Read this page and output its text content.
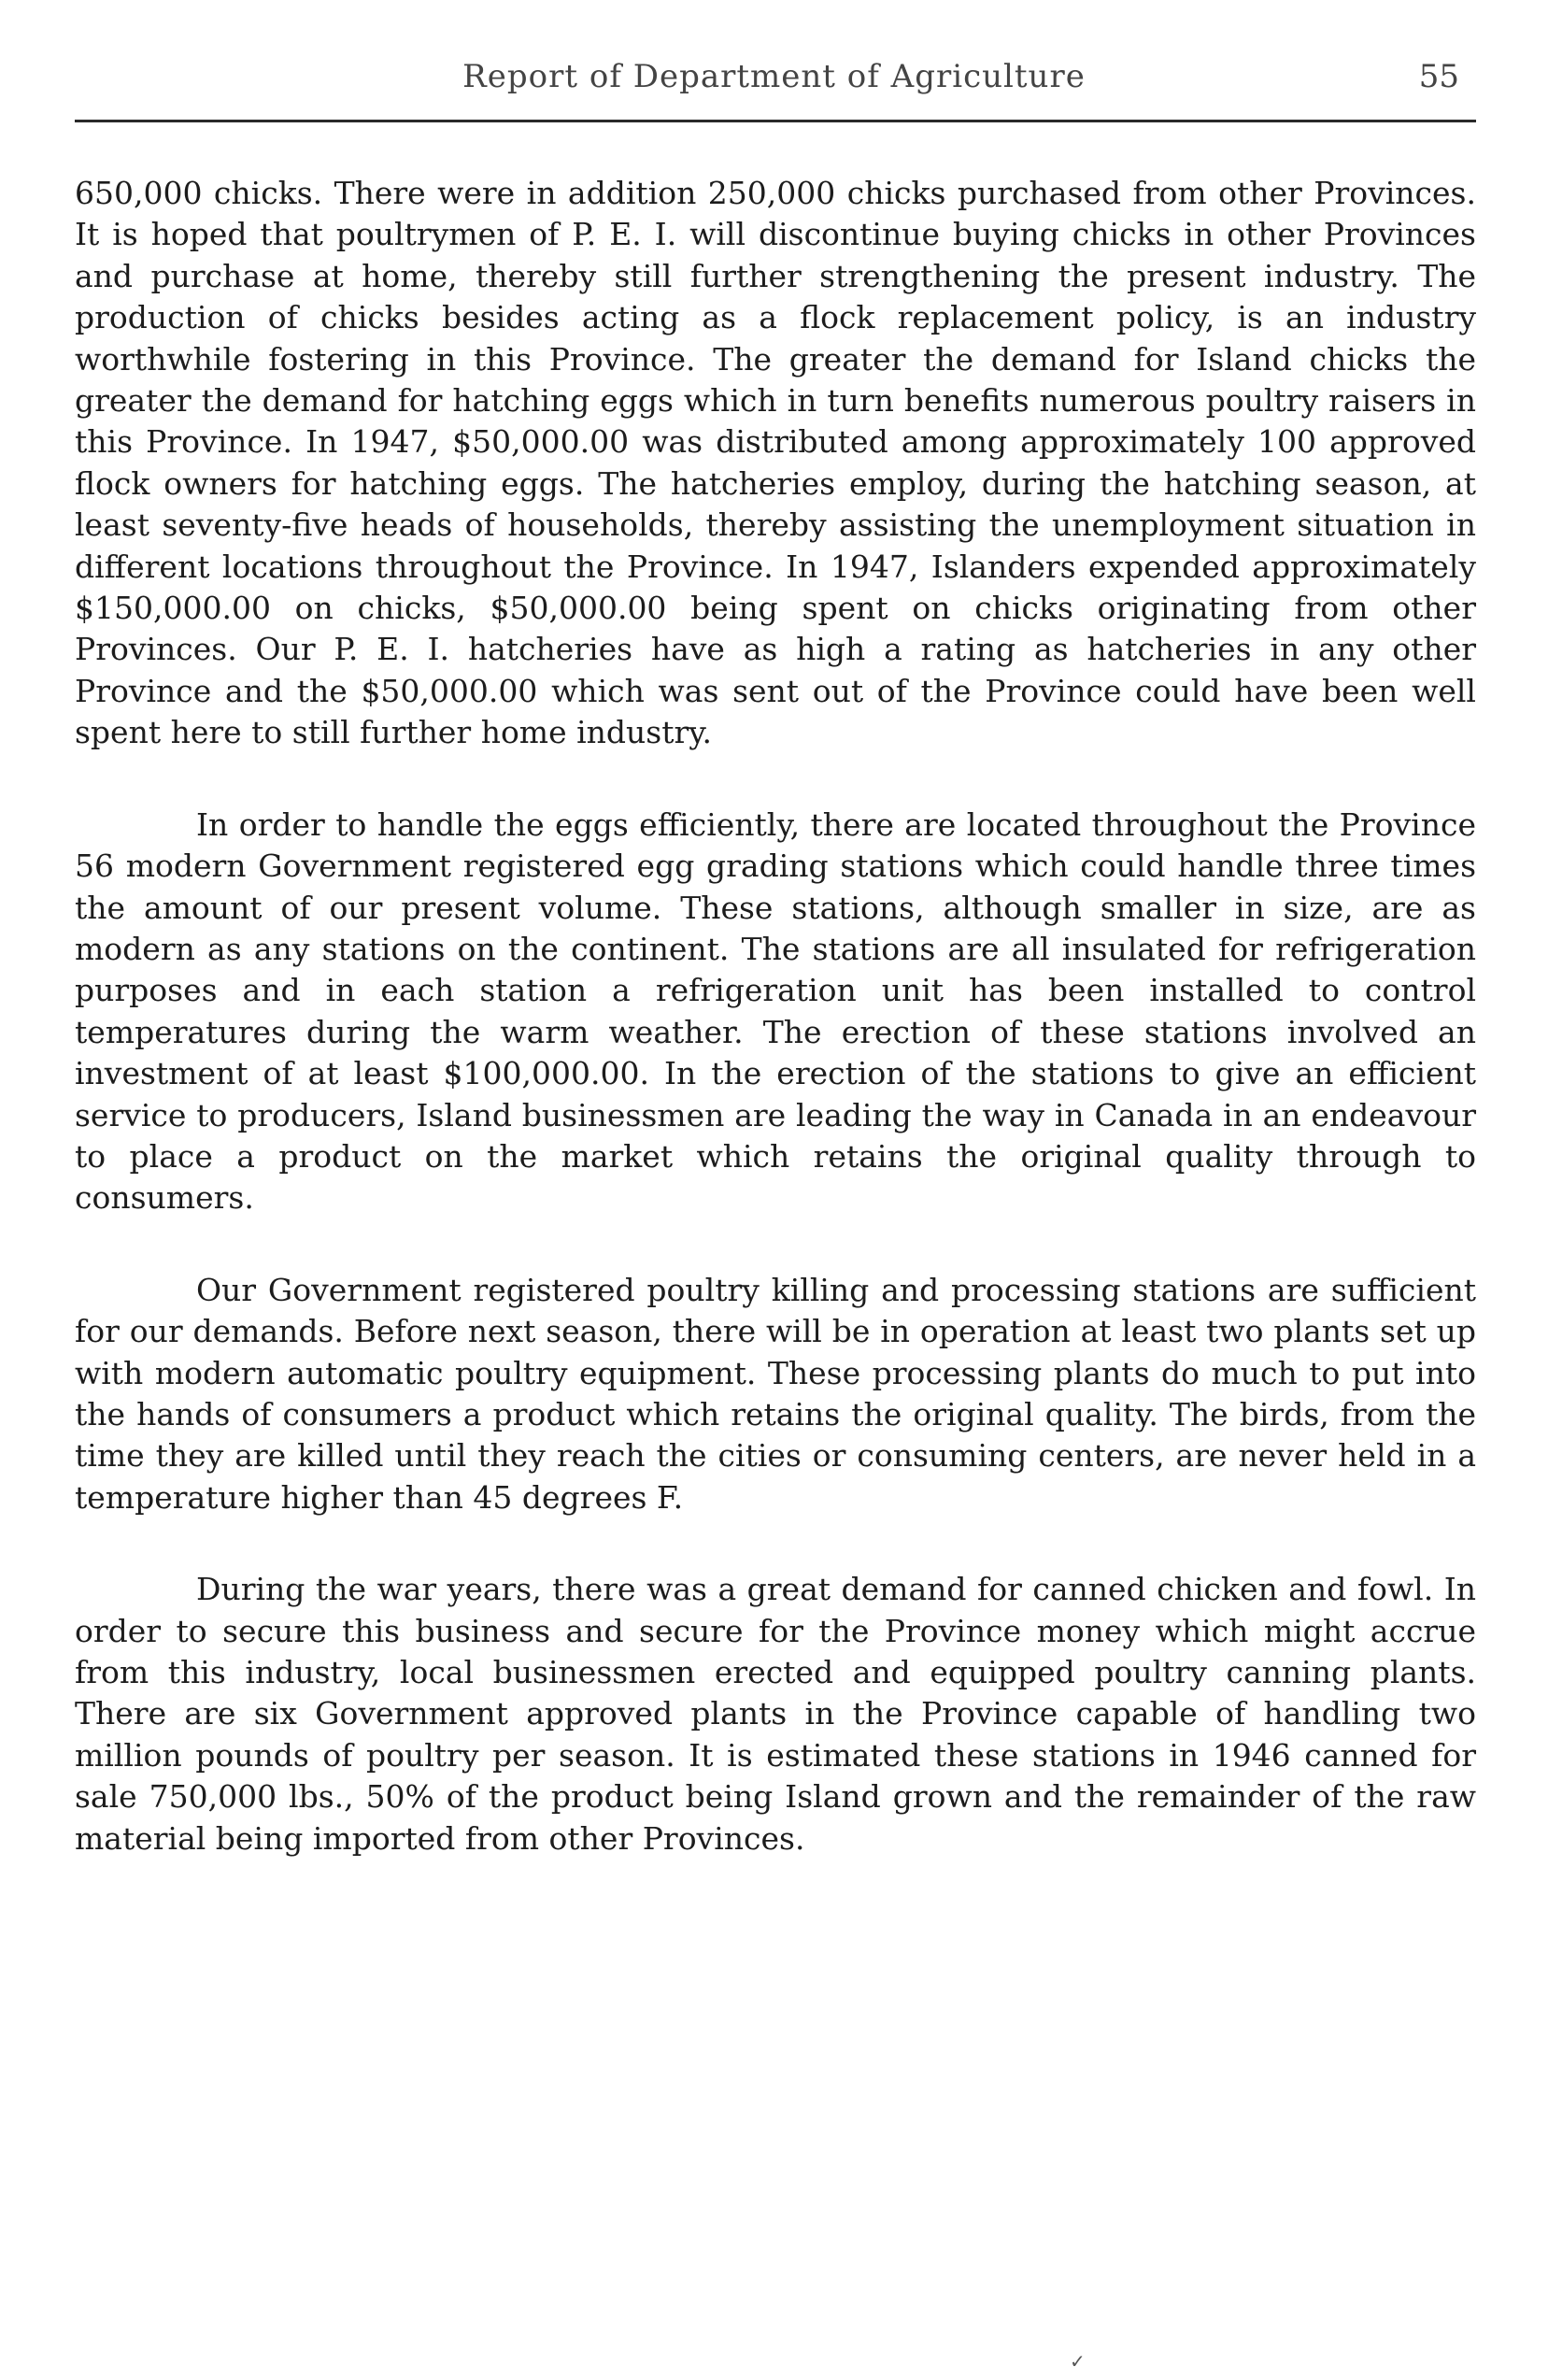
Report of Department of Agriculture	55

650,000 chicks. There were in addition 250,000 chicks purchased from other Provinces. It is hoped that poultrymen of P. E. I. will discontinue buying chicks in other Provinces and purchase at home, thereby still further strengthening the present industry. The production of chicks besides acting as a flock replacement policy, is an industry worthwhile fostering in this Province. The greater the demand for Island chicks the greater the demand for hatching eggs which in turn benefits numerous poultry raisers in this Province. In 1947, $50,000.00 was distributed among approximately 100 approved flock owners for hatching eggs. The hatcheries employ, during the hatching season, at least seventy-five heads of households, thereby assisting the unemployment situation in different locations throughout the Province. In 1947, Islanders expended approximately $150,000.00 on chicks, $50,000.00 being spent on chicks originating from other Provinces. Our P. E. I. hatcheries have as high a rating as hatcheries in any other Province and the $50,000.00 which was sent out of the Province could have been well spent here to still further home industry.

In order to handle the eggs efficiently, there are located throughout the Province 56 modern Government registered egg grading stations which could handle three times the amount of our present volume. These stations, although smaller in size, are as modern as any stations on the continent. The stations are all insulated for refrigeration purposes and in each station a refrigeration unit has been installed to control temperatures during the warm weather. The erection of these stations involved an investment of at least $100,000.00. In the erection of the stations to give an efficient service to producers, Island businessmen are leading the way in Canada in an endeavour to place a product on the market which retains the original quality through to consumers.

Our Government registered poultry killing and processing stations are sufficient for our demands. Before next season, there will be in operation at least two plants set up with modern automatic poultry equipment. These processing plants do much to put into the hands of consumers a product which retains the original quality. The birds, from the time they are killed until they reach the cities or consuming centers, are never held in a temperature higher than 45 degrees F.

During the war years, there was a great demand for canned chicken and fowl. In order to secure this business and secure for the Province money which might accrue from this industry, local businessmen erected and equipped poultry canning plants. There are six Government approved plants in the Province capable of handling two million pounds of poultry per season. It is estimated these stations in 1946 canned for sale 750,000 lbs., 50% of the product being Island grown and the remainder of the raw material being imported from other Provinces.

✓
